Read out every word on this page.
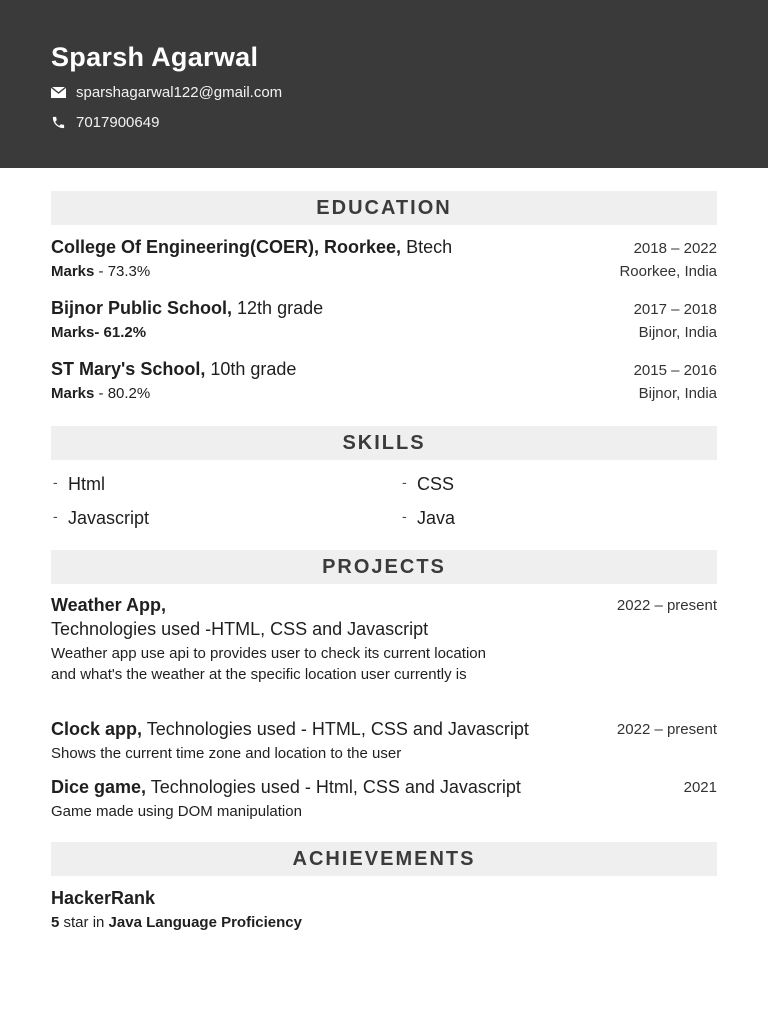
Sparsh Agarwal
sparshagarwal122@gmail.com
7017900649
EDUCATION
College Of Engineering(COER), Roorkee, Btech
Marks - 73.3%
2018 – 2022
Roorkee, India
Bijnor Public School, 12th grade
Marks- 61.2%
2017 – 2018
Bijnor, India
ST Mary's School, 10th grade
Marks - 80.2%
2015 – 2016
Bijnor, India
SKILLS
- Html	- CSS
- Javascript	- Java
PROJECTS
Weather App,
Technologies used -HTML, CSS and Javascript
Weather app use api to provides user to check its current location and what's the weather at the specific location user currently is
2022 – present
Clock app, Technologies used - HTML, CSS and Javascript
Shows the current time zone and location to the user
2022 – present
Dice game, Technologies used - Html, CSS and Javascript
Game made using DOM manipulation
2021
ACHIEVEMENTS
HackerRank
5 star in Java Language Proficiency
